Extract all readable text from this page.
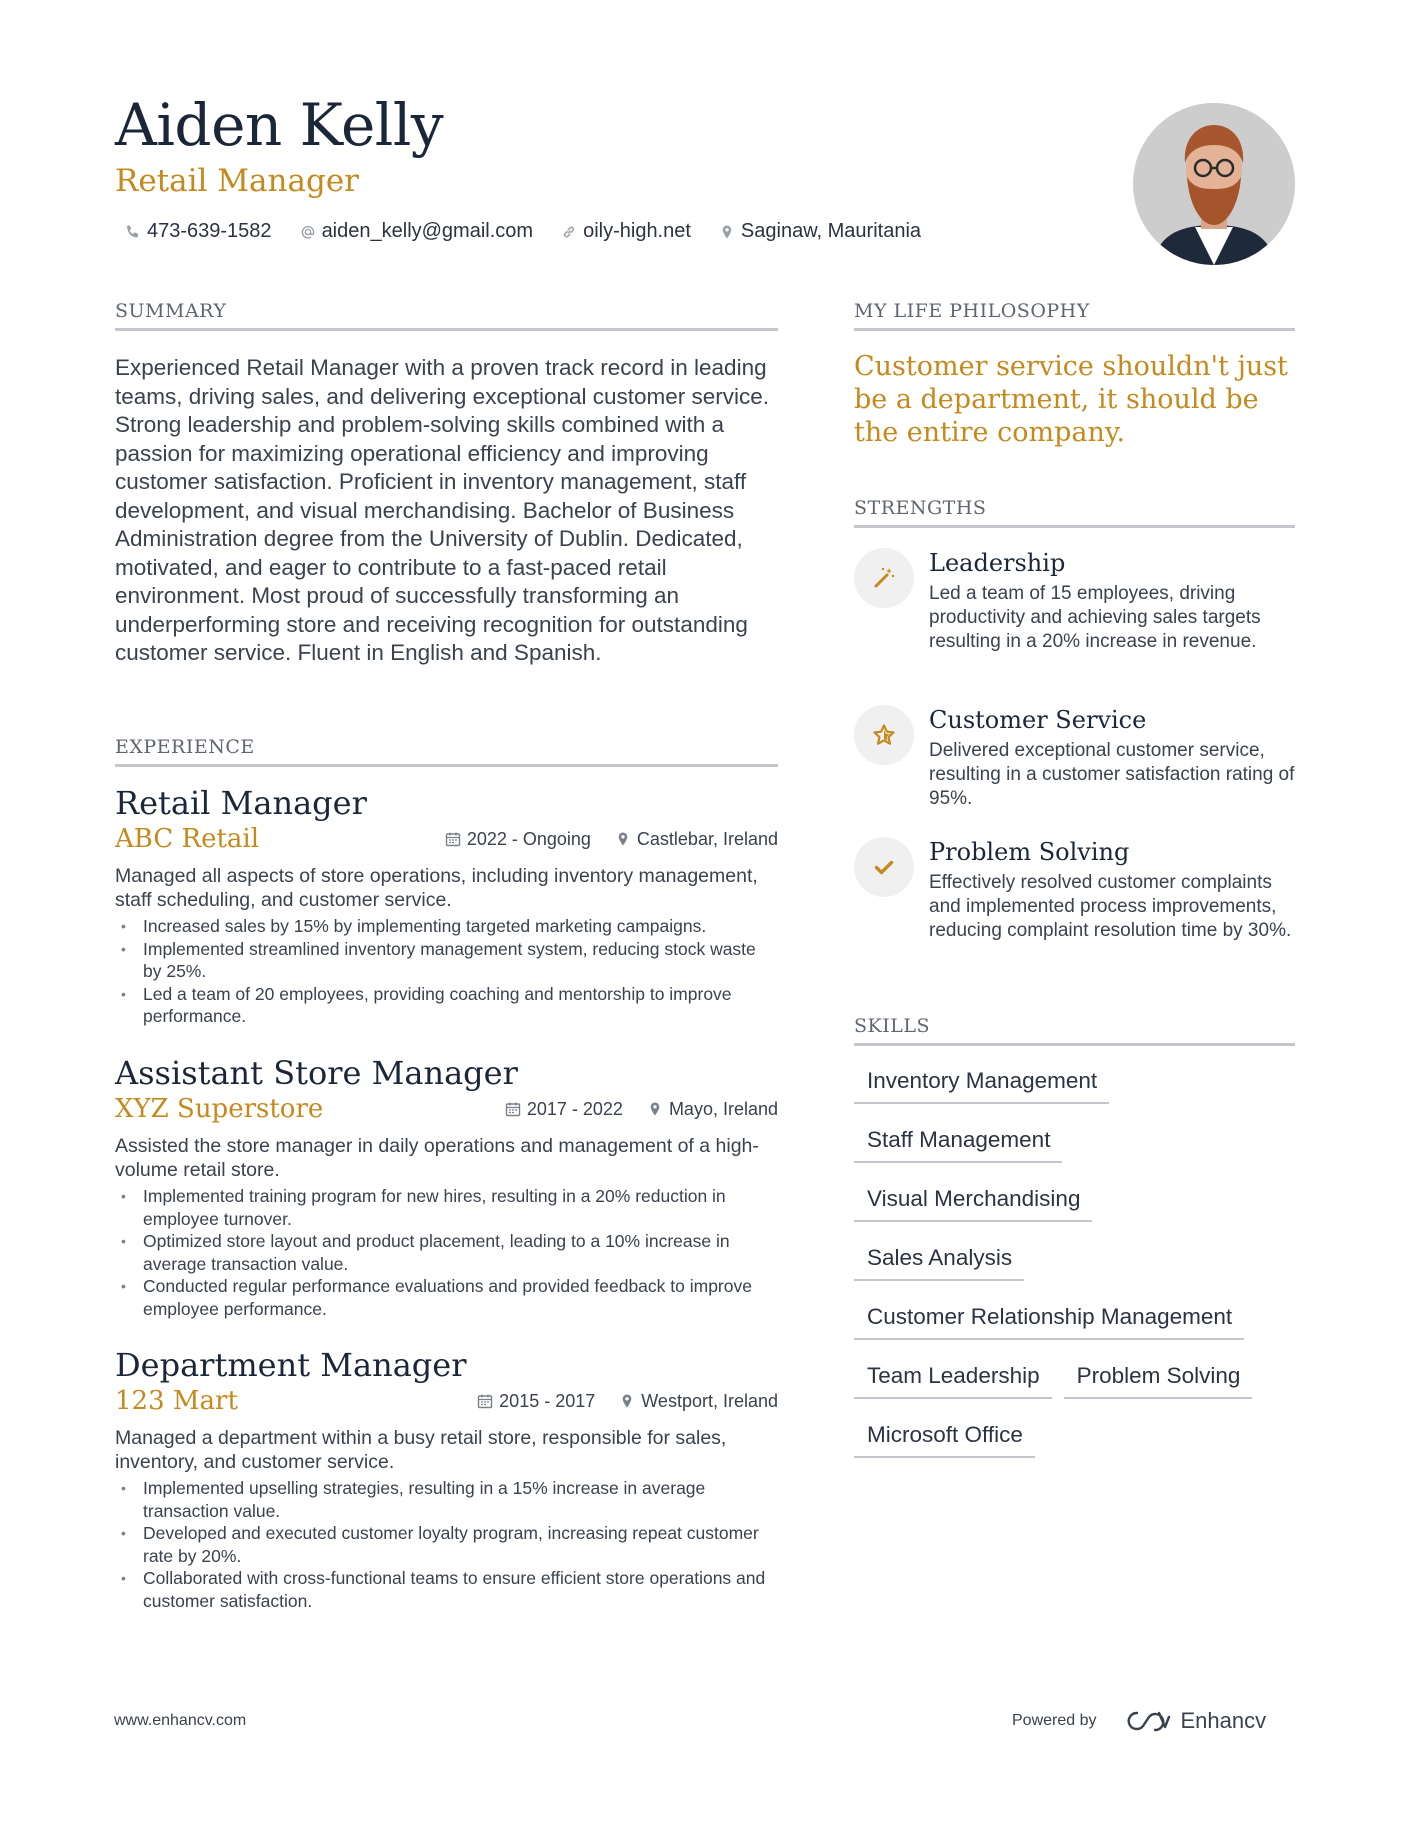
Aiden Kelly
Retail Manager
473-639-1582	aiden_kelly@gmail.com	oily-high.net	Saginaw, Mauritania
SUMMARY

Experienced Retail Manager with a proven track record in leading teams, driving sales, and delivering exceptional customer service. Strong leadership and problem-solving skills combined with a passion for maximizing operational efficiency and improving customer satisfaction. Proficient in inventory management, staff development, and visual merchandising. Bachelor of Business Administration degree from the University of Dublin. Dedicated, motivated, and eager to contribute to a fast-paced retail environment. Most proud of successfully transforming an underperforming store and receiving recognition for outstanding customer service. Fluent in English and Spanish.

EXPERIENCE
Retail Manager
ABC Retail	2022 - Ongoing	Castlebar, Ireland

Managed all aspects of store operations, including inventory management, staff scheduling, and customer service.

• Increased sales by 15% by implementing targeted marketing campaigns.
• Implemented streamlined inventory management system, reducing stock waste by 25%.
• Led a team of 20 employees, providing coaching and mentorship to improve performance.
Assistant Store Manager
XYZ Superstore	2017 - 2022	Mayo, Ireland

Assisted the store manager in daily operations and management of a high-volume retail store.

• Implemented training program for new hires, resulting in a 20% reduction in employee turnover.
• Optimized store layout and product placement, leading to a 10% increase in average transaction value.
• Conducted regular performance evaluations and provided feedback to improve employee performance.
Department Manager
123 Mart	2015 - 2017	Westport, Ireland

Managed a department within a busy retail store, responsible for sales, inventory, and customer service.

• Implemented upselling strategies, resulting in a 15% increase in average transaction value.
• Developed and executed customer loyalty program, increasing repeat customer rate by 20%.
• Collaborated with cross-functional teams to ensure efficient store operations and customer satisfaction.
MY LIFE PHILOSOPHY

Customer service shouldn't just be a department, it should be the entire company.

STRENGTHS
Leadership

Led a team of 15 employees, driving productivity and achieving sales targets resulting in a 20% increase in revenue.

Customer Service

Delivered exceptional customer service, resulting in a customer satisfaction rating of 95%.

Problem Solving

Effectively resolved customer complaints and implemented process improvements, reducing complaint resolution time by 30%.

SKILLS
Inventory Management
Staff Management
Visual Merchandising
Sales Analysis
Customer Relationship Management
Team Leadership	Problem Solving
Microsoft Office
www.enhancv.com	Powered by	Enhancv
